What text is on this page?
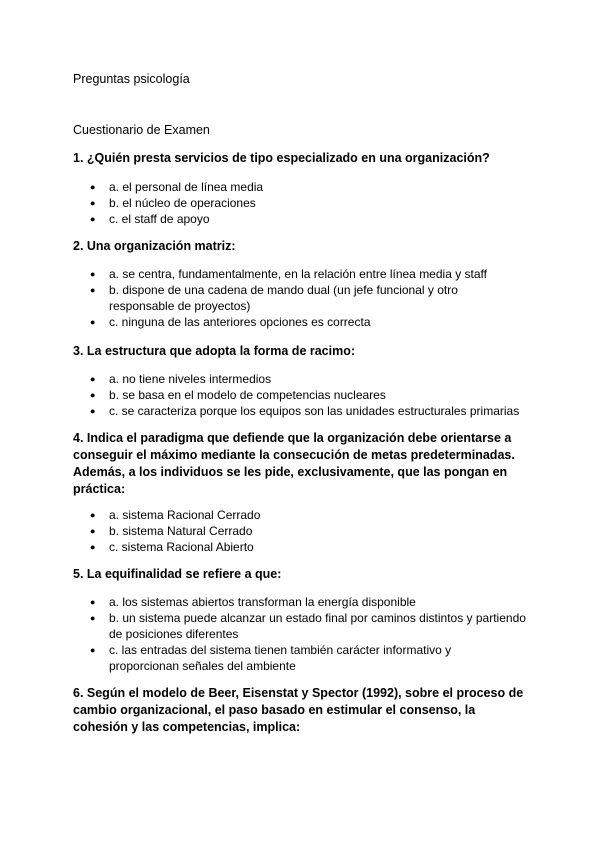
Preguntas psicología
Cuestionario de Examen
1. ¿Quién presta servicios de tipo especializado en una organización?
● a. el personal de línea media
● b. el núcleo de operaciones
● c. el staff de apoyo
2. Una organización matriz:
● a. se centra, fundamentalmente, en la relación entre línea media y staff
● b. dispone de una cadena de mando dual (un jefe funcional y otro responsable de proyectos)
● c. ninguna de las anteriores opciones es correcta
3. La estructura que adopta la forma de racimo:
● a. no tiene niveles intermedios
● b. se basa en el modelo de competencias nucleares
● c. se caracteriza porque los equipos son las unidades estructurales primarias
4. Indica el paradigma que defiende que la organización debe orientarse a conseguir el máximo mediante la consecución de metas predeterminadas. Además, a los individuos se les pide, exclusivamente, que las pongan en práctica:
● a. sistema Racional Cerrado
● b. sistema Natural Cerrado
● c. sistema Racional Abierto
5. La equifinalidad se refiere a que:
● a. los sistemas abiertos transforman la energía disponible
● b. un sistema puede alcanzar un estado final por caminos distintos y partiendo de posiciones diferentes
● c. las entradas del sistema tienen también carácter informativo y proporcionan señales del ambiente
6. Según el modelo de Beer, Eisenstat y Spector (1992), sobre el proceso de cambio organizacional, el paso basado en estimular el consenso, la cohesión y las competencias, implica:
